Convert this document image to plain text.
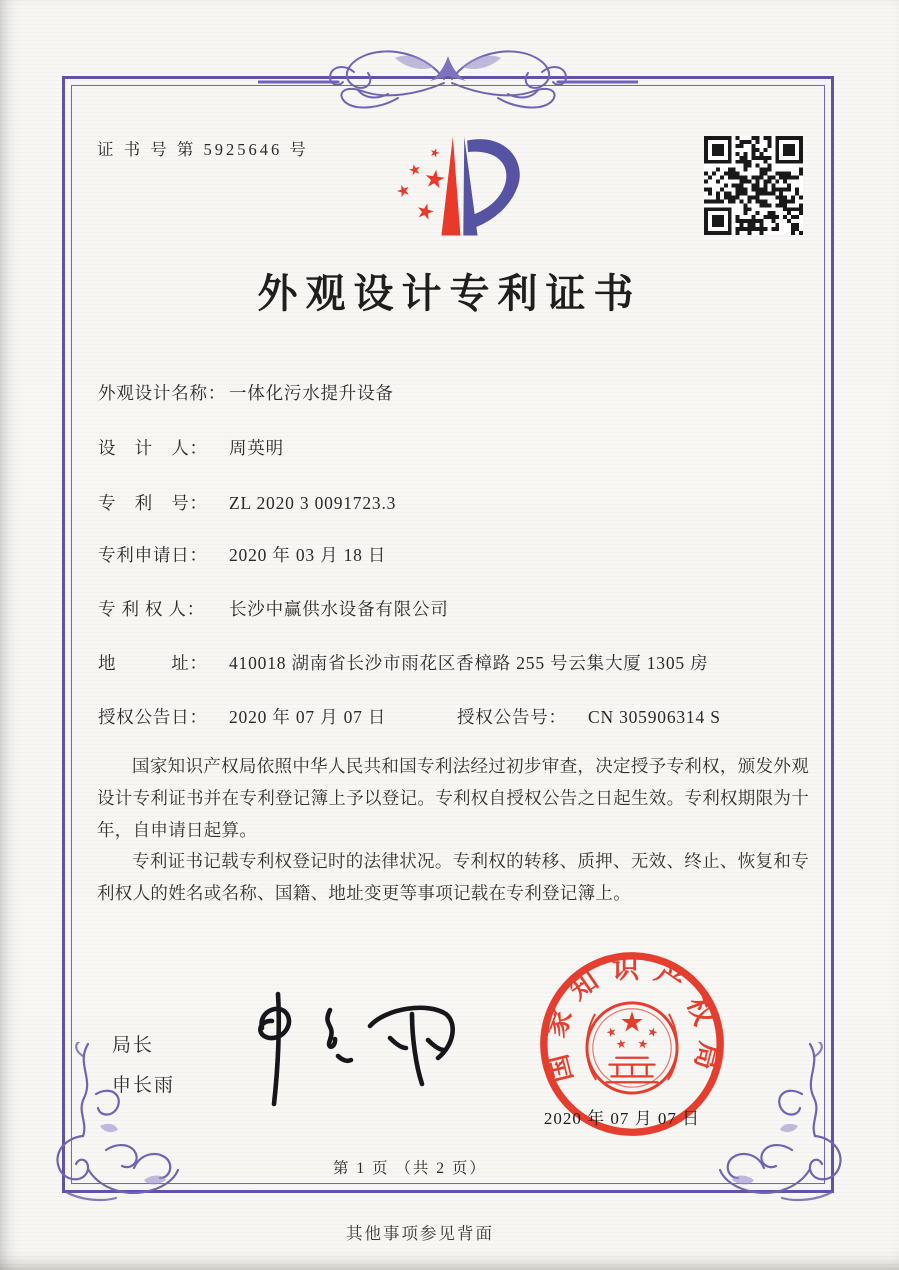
证 书 号 第 5925646 号
外观设计专利证书
外观设计名称： 一体化污水提升设备
设　计　人： 周英明
专　利　号： ZL 2020 3 0091723.3
专利申请日： 2020 年 03 月 18 日
专 利 权 人： 长沙中赢供水设备有限公司
地　　　址： 410018 湖南省长沙市雨花区香樟路 255 号云集大厦 1305 房
授权公告日： 2020 年 07 月 07 日	授权公告号： CN 305906314 S

国家知识产权局依照中华人民共和国专利法经过初步审查，决定授予专利权，颁发外观设计专利证书并在专利登记簿上予以登记。专利权自授权公告之日起生效。专利权期限为十年，自申请日起算。

专利证书记载专利权登记时的法律状况。专利权的转移、质押、无效、终止、恢复和专利权人的姓名或名称、国籍、地址变更等事项记载在专利登记簿上。

局长
申长雨
国家知识产权局
2020 年 07 月 07 日
第 1 页 （共 2 页）
其他事项参见背面
